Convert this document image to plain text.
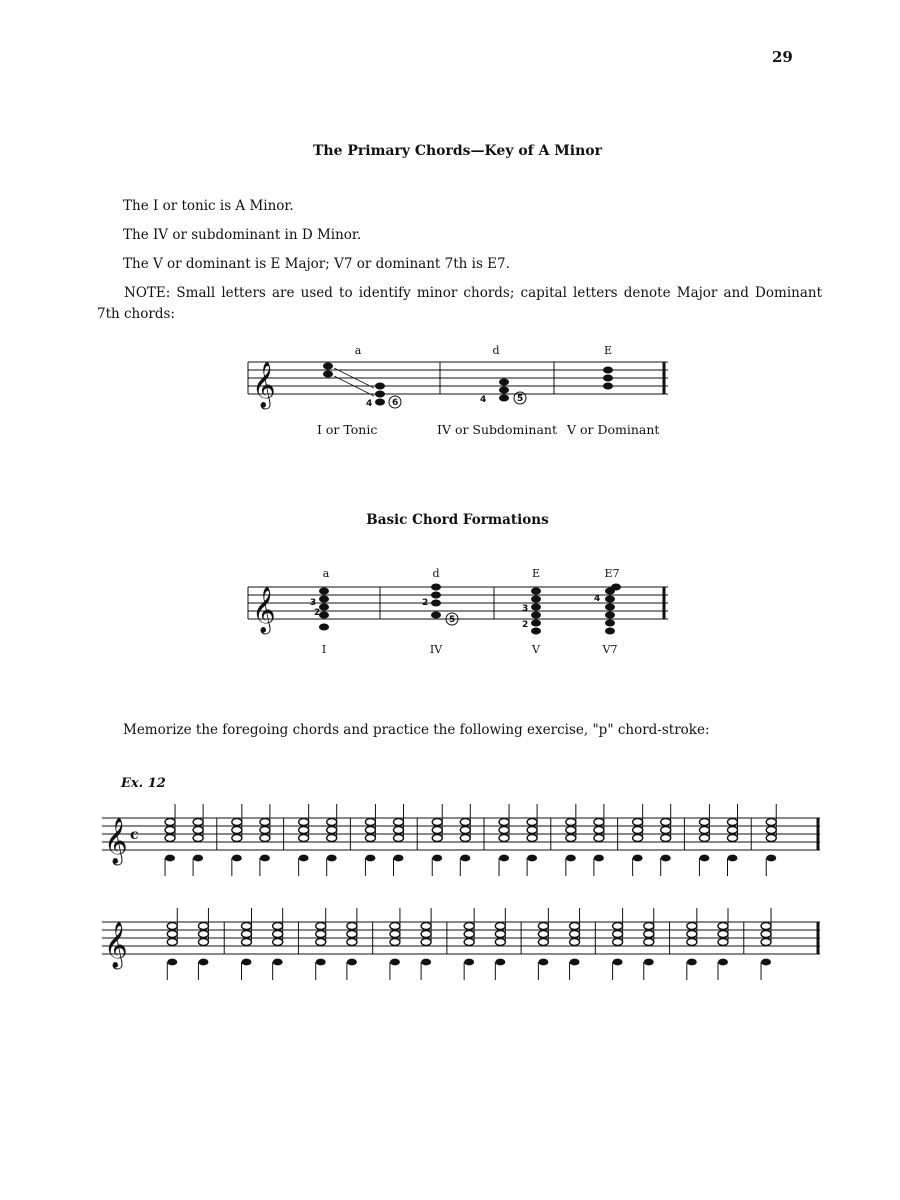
29
The Primary Chords—Key of A Minor
The I or tonic is A Minor.
The IV or subdominant in D Minor.
The V or dominant is E Major; V7 or dominant 7th is E7.
NOTE: Small letters are used to identify minor chords; capital letters denote Major and Dominant 7th chords:
𝄞
a	d	E
4	4
6	5
I or Tonic	IV or Subdominant V or Dominant
Basic Chord Formations
𝄞
a	d	E	E7
3
2
2
3
2
4
5
I	IV	V	V7
Memorize the foregoing chords and practice the following exercise, "p" chord-stroke:
Ex. 12
𝄞 c
𝄞
